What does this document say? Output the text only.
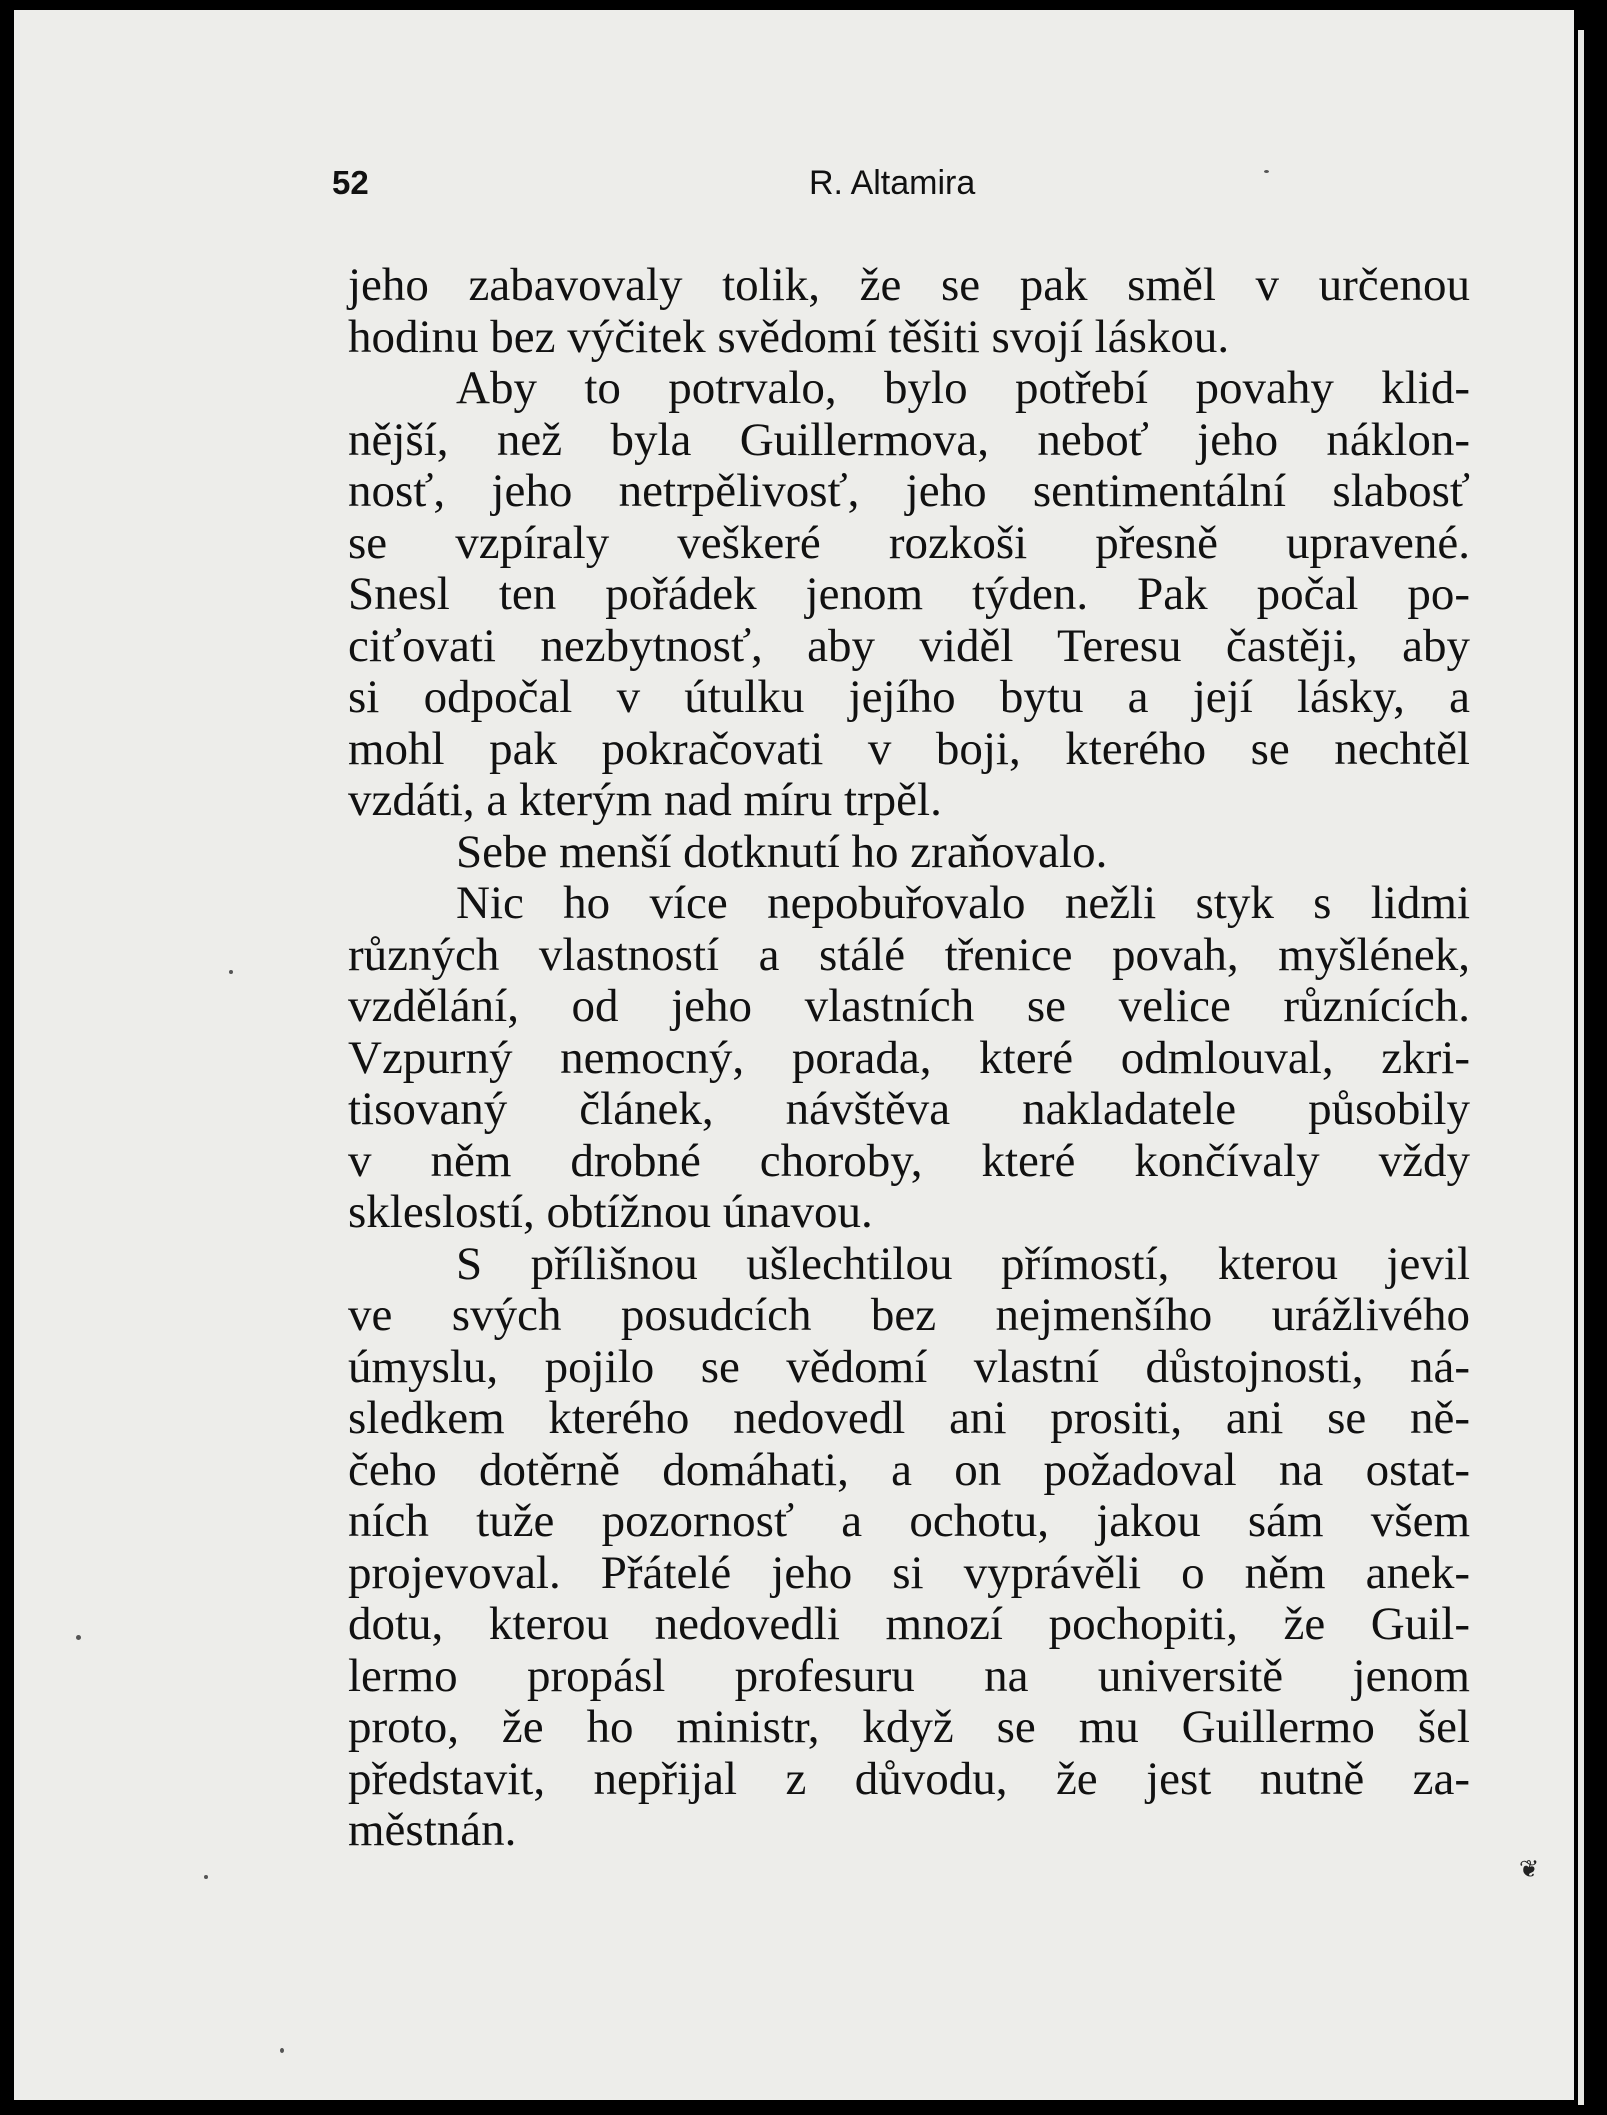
52	R. Altamira
jeho zabavovaly tolik, že se pak směl v určenou
hodinu bez výčitek svědomí těšiti svojí láskou.
Aby to potrvalo, bylo potřebí povahy klid-
nější, než byla Guillermova, neboť jeho náklon-
nosť, jeho netrpělivosť, jeho sentimentální slabosť
se vzpíraly veškeré rozkoši přesně upravené.
Snesl ten pořádek jenom týden. Pak počal po-
ciťovati nezbytnosť, aby viděl Teresu častěji, aby
si odpočal v útulku jejího bytu a její lásky, a
mohl pak pokračovati v boji, kterého se nechtěl
vzdáti, a kterým nad míru trpěl.
Sebe menší dotknutí ho zraňovalo.
Nic ho více nepobuřovalo nežli styk s lidmi
různých vlastností a stálé třenice povah, myšlének,
vzdělání, od jeho vlastních se velice různících.
Vzpurný nemocný, porada, které odmlouval, zkri-
tisovaný článek, návštěva nakladatele působily
v něm drobné choroby, které končívaly vždy
skleslostí, obtížnou únavou.
S přílišnou ušlechtilou přímostí, kterou jevil
ve svých posudcích bez nejmenšího urážlivého
úmyslu, pojilo se vědomí vlastní důstojnosti, ná-
sledkem kterého nedovedl ani prositi, ani se ně-
čeho dotěrně domáhati, a on požadoval na ostat-
ních tuže pozornosť a ochotu, jakou sám všem
projevoval. Přátelé jeho si vyprávěli o něm anek-
dotu, kterou nedovedli mnozí pochopiti, že Guil-
lermo propásl profesuru na universitě jenom
proto, že ho ministr, když se mu Guillermo šel
představit, nepřijal z důvodu, že jest nutně za-
městnán.
❦
